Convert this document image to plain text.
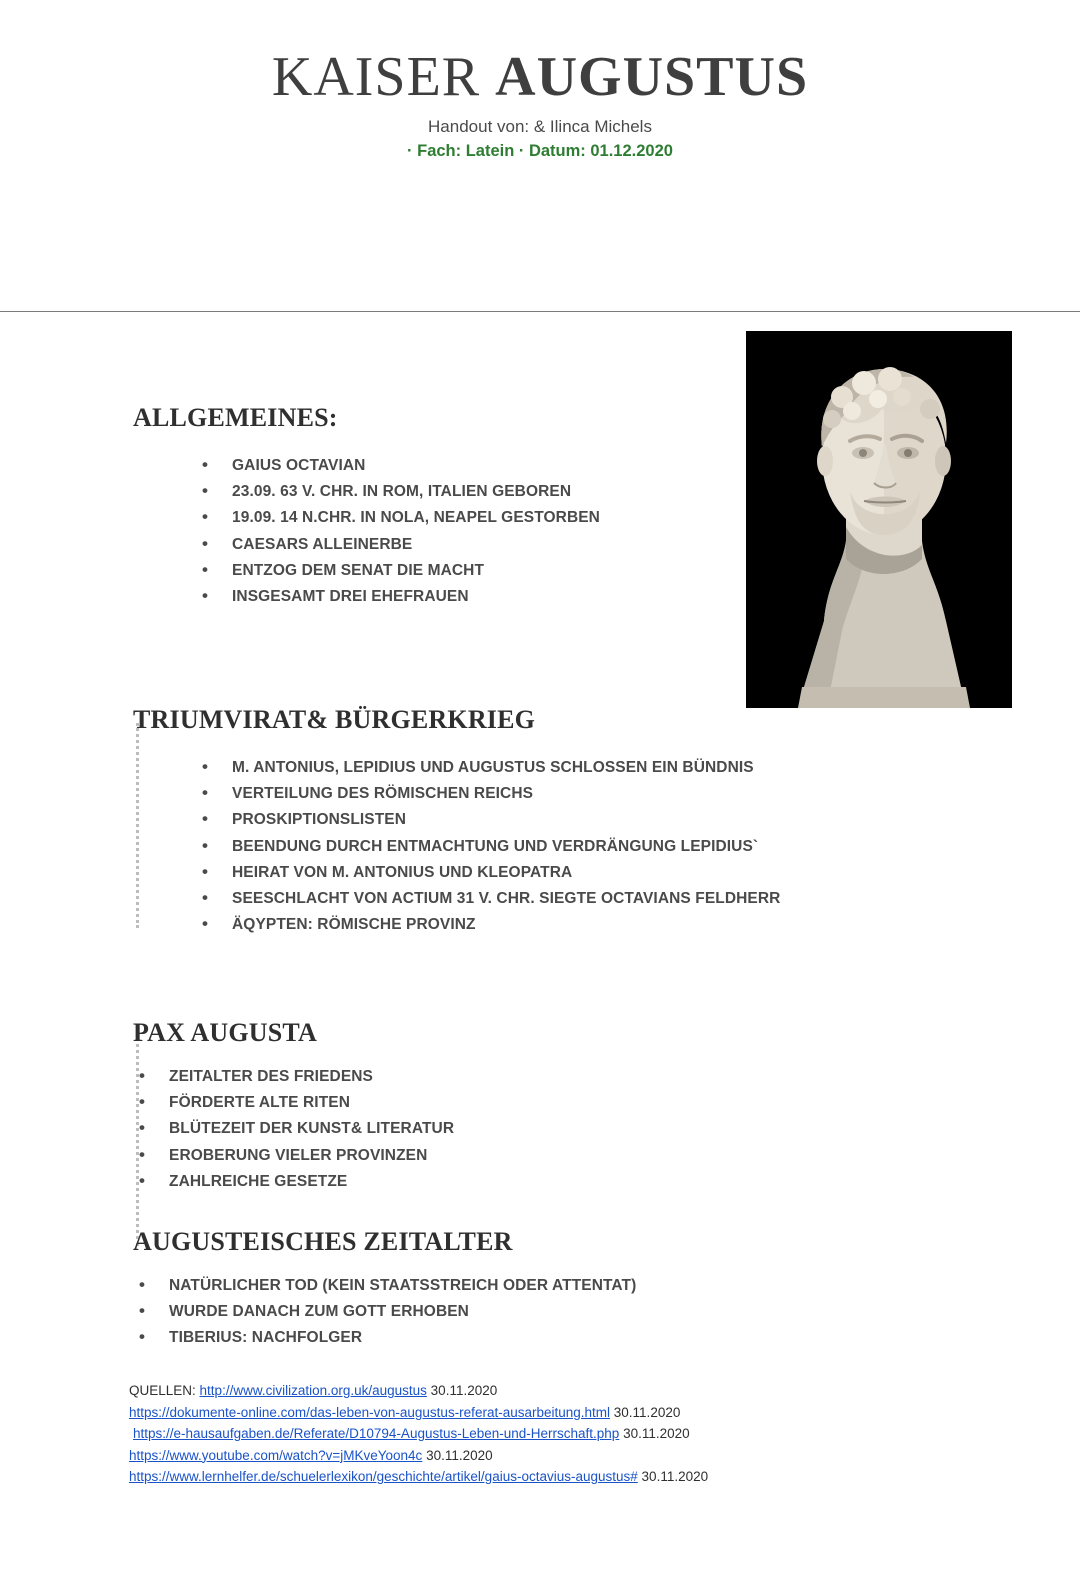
KAISER AUGUSTUS
Handout von: & Ilinca Michels
· Fach: Latein · Datum: 01.12.2020
ALLGEMEINES:
• GAIUS OCTAVIAN
• 23.09. 63 V. CHR. IN ROM, ITALIEN GEBOREN
• 19.09. 14 N.CHR. IN NOLA, NEAPEL GESTORBEN
• CAESARS ALLEINERBE
• ENTZOG DEM SENAT DIE MACHT
• INSGESAMT DREI EHEFRAUEN
TRIUMVIRAT& BÜRGERKRIEG
• M. ANTONIUS, LEPIDIUS UND AUGUSTUS SCHLOSSEN EIN BÜNDNIS
• VERTEILUNG DES RÖMISCHEN REICHS
• PROSKIPTIONSLISTEN
• BEENDUNG DURCH ENTMACHTUNG UND VERDRÄNGUNG LEPIDIUS`
• HEIRAT VON M. ANTONIUS UND KLEOPATRA
• SEESCHLACHT VON ACTIUM 31 V. CHR. SIEGTE OCTAVIANS FELDHERR
• ÄQYPTEN: RÖMISCHE PROVINZ
PAX AUGUSTA
• ZEITALTER DES FRIEDENS
• FÖRDERTE ALTE RITEN
• BLÜTEZEIT DER KUNST& LITERATUR
• EROBERUNG VIELER PROVINZEN
• ZAHLREICHE GESETZE
AUGUSTEISCHES ZEITALTER
• NATÜRLICHER TOD (KEIN STAATSSTREICH ODER ATTENTAT)
• WURDE DANACH ZUM GOTT ERHOBEN
• TIBERIUS: NACHFOLGER
QUELLEN: http://www.civilization.org.uk/augustus 30.11.2020
https://dokumente-online.com/das-leben-von-augustus-referat-ausarbeitung.html 30.11.2020
https://e-hausaufgaben.de/Referate/D10794-Augustus-Leben-und-Herrschaft.php 30.11.2020
https://www.youtube.com/watch?v=jMKveYoon4c 30.11.2020
https://www.lernhelfer.de/schuelerlexikon/geschichte/artikel/gaius-octavius-augustus# 30.11.2020
